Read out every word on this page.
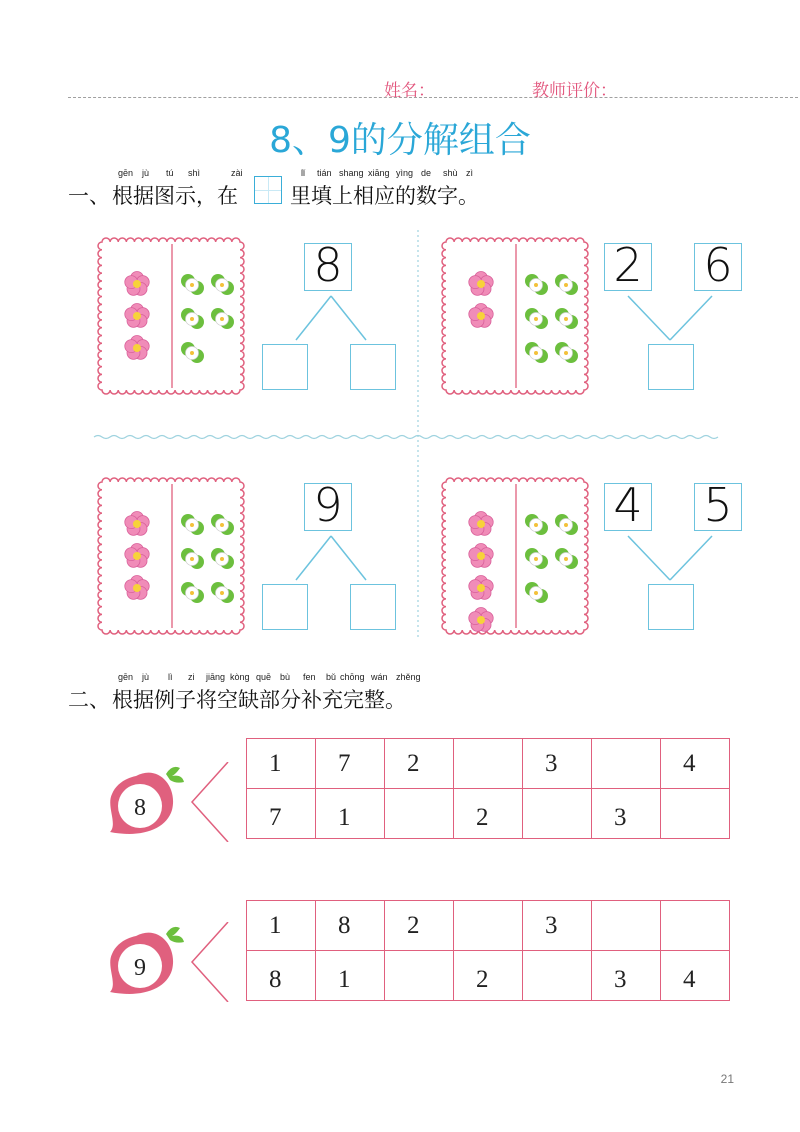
姓名：	教师评价：
8、9的分解组合
gēn jù tú shì	zài	lǐ tián shang xiāng yìng de shù zì
一、 根据图示，在 里填上相应的数字。
8	2 6
9	4 5
gēn jù lì zi jiāng kòng quē bù fen bǔ chōng wán zhěng
二、 根据例子将空缺部分补充完整。
8
9
1	7	2		3		4
7	1		2		3	
1	8	2		3		
8	1		2		3	4
21
